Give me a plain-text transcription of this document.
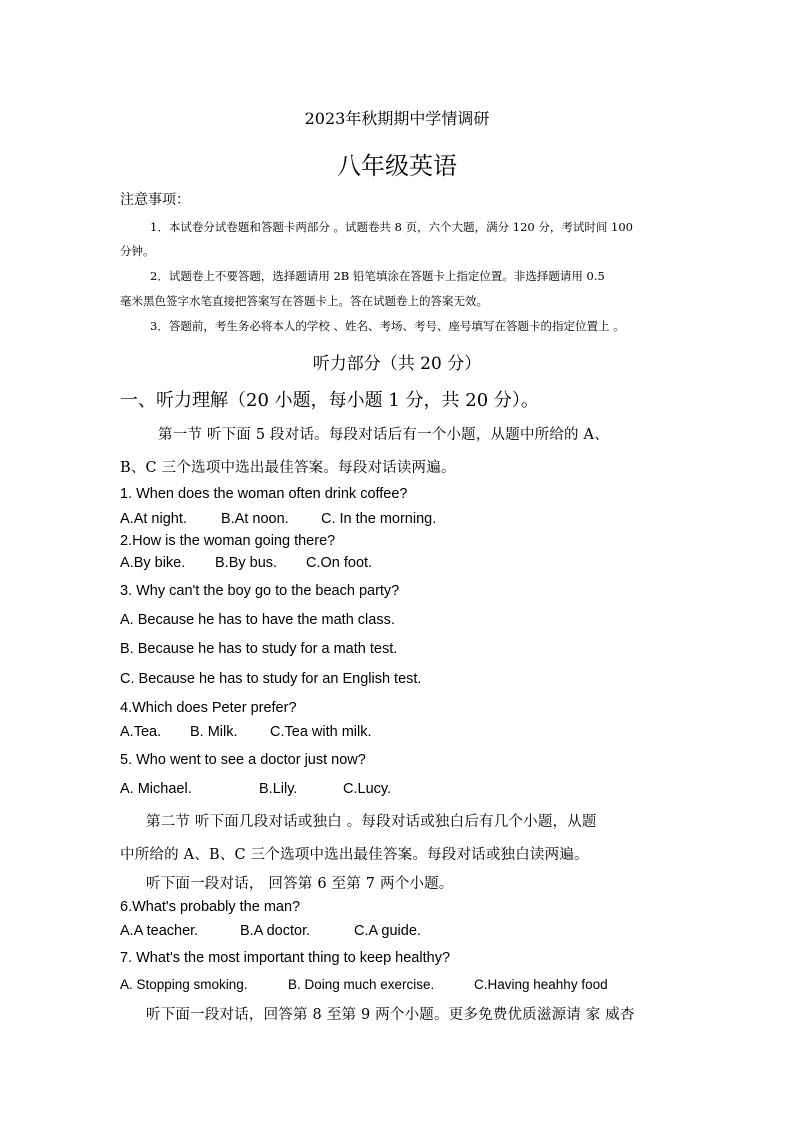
2023年秋期期中学情调研
八年级英语
注意事项：
1．本试卷分试卷题和答题卡两部分 。试题卷共 8 页，六个大题，满分 120 分，考试时间 100
分钟。
2．试题卷上不要答题，选择题请用 2B 铅笔填涂在答题卡上指定位置。非选择题请用 0.5
毫米黑色签字水笔直接把答案写在答题卡上。答在试题卷上的答案无效。
3．答题前，考生务必将本人的学校 、姓名、考场、考号、座号填写在答题卡的指定位置上 。
听力部分（共 20 分）
一、听力理解（20 小题，每小题 1 分，共 20 分）。
第一节 听下面 5 段对话。每段对话后有一个小题，从题中所给的 A、
B、C 三个选项中选出最佳答案。每段对话读两遍。
1. When does the woman often drink coffee?
A.At night. B.At noon. C. In the morning.
2.How is the woman going there?
A.By bike. B.By bus. C.On foot.
3. Why can't the boy go to the beach party?
A. Because he has to have the math class.
B. Because he has to study for a math test.
C. Because he has to study for an English test.
4.Which does Peter prefer?
A.Tea. B. Milk. C.Tea with milk.
5. Who went to see a doctor just now?
A. Michael.	B.Lily.	C.Lucy.
第二节 听下面几段对话或独白 。每段对话或独白后有几个小题，从题
中所给的 A、B、C 三个选项中选出最佳答案。每段对话或独白读两遍。
听下面一段对话， 回答第 6 至第 7 两个小题。
6.What's probably the man?
A.A teacher.	B.A doctor.	C.A guide.
7. What's the most important thing to keep healthy?
A. Stopping smoking.	B. Doing much exercise.	C.Having heahhy food
听下面一段对话，回答第 8 至第 9 两个小题。更多免费优质滋源请 家 威杏
